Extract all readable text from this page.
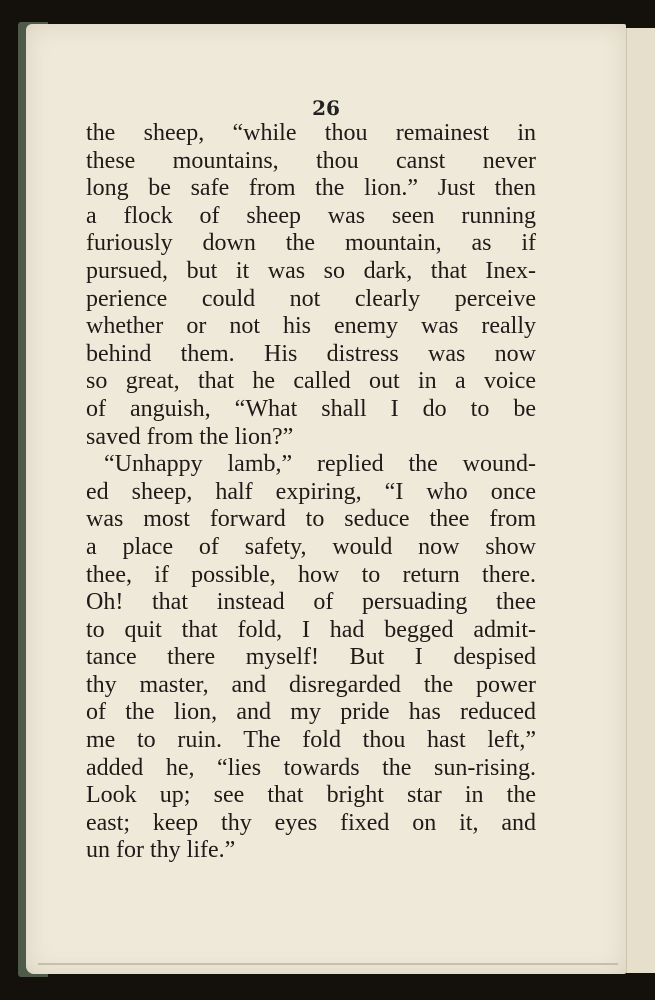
26
the sheep, “while thou remainest in
these mountains, thou canst never
long be safe from the lion.” Just then
a flock of sheep was seen running
furiously down the mountain, as if
pursued, but it was so dark, that Inex-
perience could not clearly perceive
whether or not his enemy was really
behind them. His distress was now
so great, that he called out in a voice
of anguish, “What shall I do to be
saved from the lion?”
“Unhappy lamb,” replied the wound-
ed sheep, half expiring, “I who once
was most forward to seduce thee from
a place of safety, would now show
thee, if possible, how to return there.
Oh! that instead of persuading thee
to quit that fold, I had begged admit-
tance there myself! But I despised
thy master, and disregarded the power
of the lion, and my pride has reduced
me to ruin. The fold thou hast left,”
added he, “lies towards the sun-rising.
Look up; see that bright star in the
east; keep thy eyes fixed on it, and
un for thy life.”
